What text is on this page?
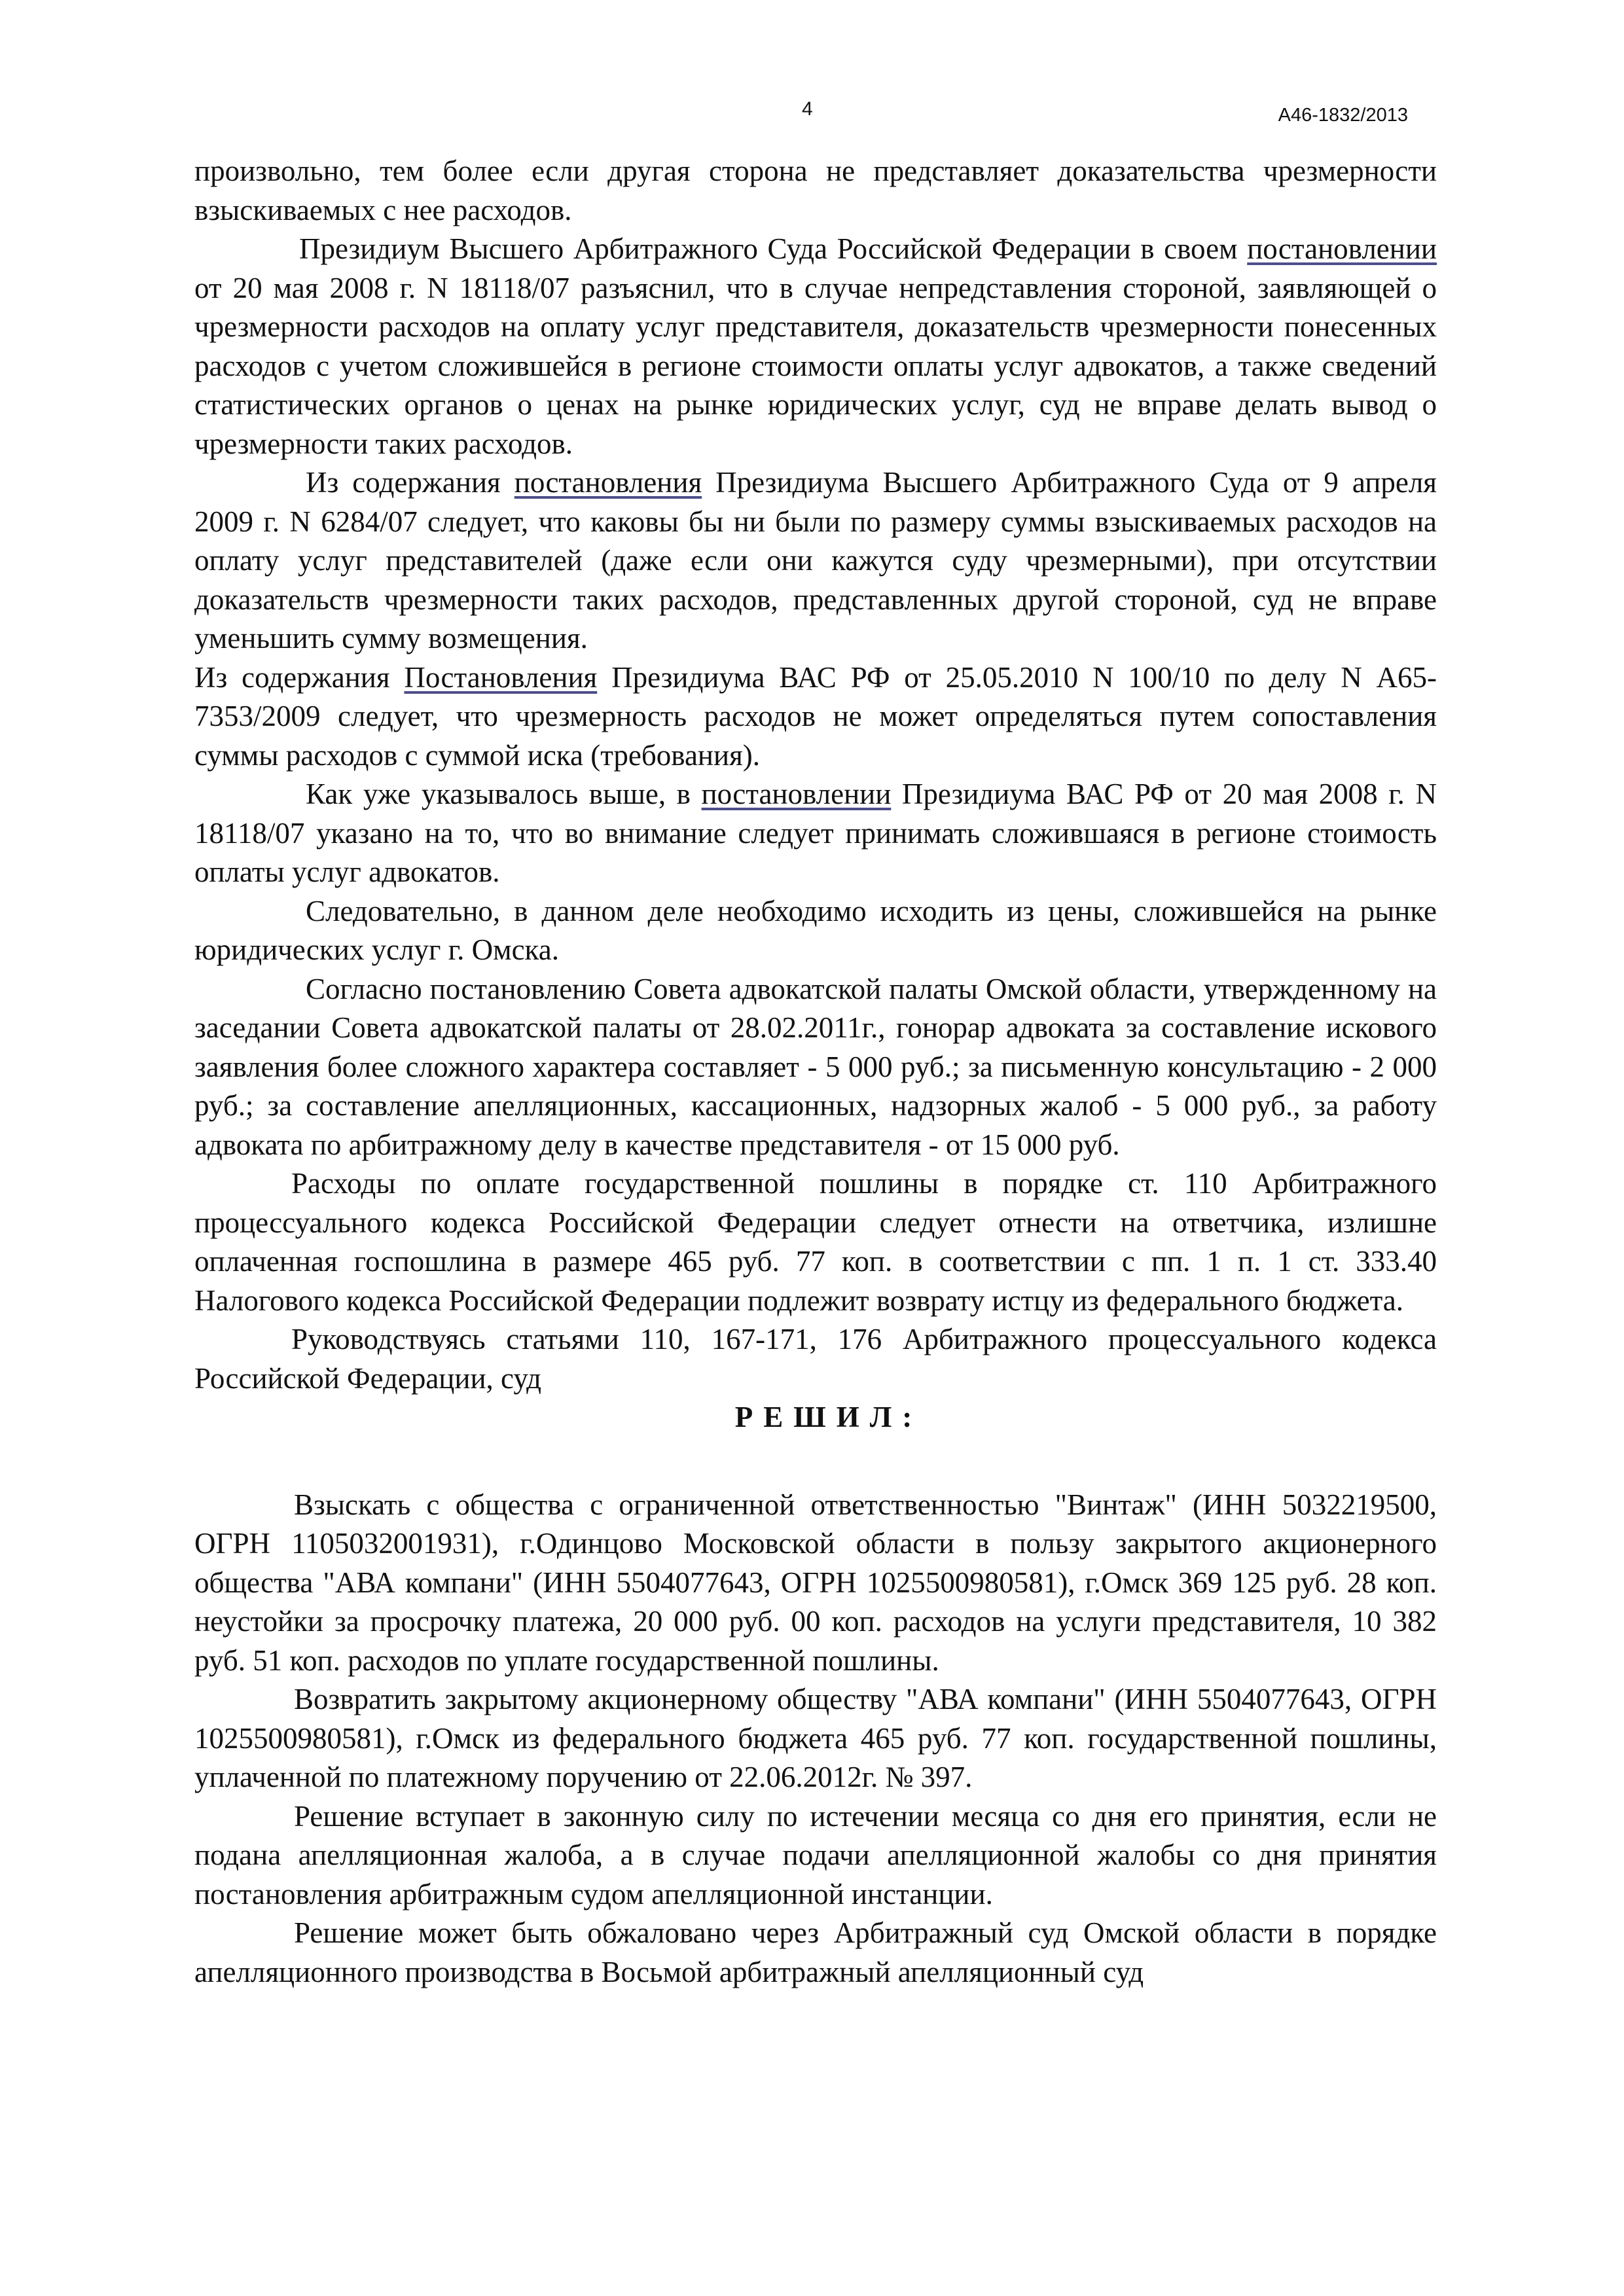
4	А46-1832/2013

произвольно, тем более если другая сторона не представляет доказательства чрезмерности взыскиваемых с нее расходов.

Президиум Высшего Арбитражного Суда Российской Федерации в своем постановлении от 20 мая 2008 г. N 18118/07 разъяснил, что в случае непредставления стороной, заявляющей о чрезмерности расходов на оплату услуг представителя, доказательств чрезмерности понесенных расходов с учетом сложившейся в регионе стоимости оплаты услуг адвокатов, а также сведений статистических органов о ценах на рынке юридических услуг, суд не вправе делать вывод о чрезмерности таких расходов.

Из содержания постановления Президиума Высшего Арбитражного Суда от 9 апреля 2009 г. N 6284/07 следует, что каковы бы ни были по размеру суммы взыскиваемых расходов на оплату услуг представителей (даже если они кажутся суду чрезмерными), при отсутствии доказательств чрезмерности таких расходов, представленных другой стороной, суд не вправе уменьшить сумму возмещения.

Из содержания Постановления Президиума ВАС РФ от 25.05.2010 N 100/10 по делу N А65-7353/2009 следует, что чрезмерность расходов не может определяться путем сопоставления суммы расходов с суммой иска (требования).

Как уже указывалось выше, в постановлении Президиума ВАС РФ от 20 мая 2008 г. N 18118/07 указано на то, что во внимание следует принимать сложившаяся в регионе стоимость оплаты услуг адвокатов.

Следовательно, в данном деле необходимо исходить из цены, сложившейся на рынке юридических услуг г. Омска.

Согласно постановлению Совета адвокатской палаты Омской области, утвержденному на заседании Совета адвокатской палаты от 28.02.2011г., гонорар адвоката за составление искового заявления более сложного характера составляет - 5 000 руб.; за письменную консультацию - 2 000 руб.; за составление апелляционных, кассационных, надзорных жалоб - 5 000 руб., за работу адвоката по арбитражному делу в качестве представителя - от 15 000 руб.

Расходы по оплате государственной пошлины в порядке ст. 110 Арбитражного процессуального кодекса Российской Федерации следует отнести на ответчика, излишне оплаченная госпошлина в размере 465 руб. 77 коп. в соответствии с пп. 1 п. 1 ст. 333.40 Налогового кодекса Российской Федерации подлежит возврату истцу из федерального бюджета.

Руководствуясь статьями 110, 167-171, 176 Арбитражного процессуального кодекса Российской Федерации, суд

РЕШИЛ:

Взыскать с общества с ограниченной ответственностью "Винтаж" (ИНН 5032219500, ОГРН 1105032001931), г.Одинцово Московской области в пользу закрытого акционерного общества "АВА компани" (ИНН 5504077643, ОГРН 1025500980581), г.Омск 369 125 руб. 28 коп. неустойки за просрочку платежа, 20 000 руб. 00 коп. расходов на услуги представителя, 10 382 руб. 51 коп. расходов по уплате государственной пошлины.

Возвратить закрытому акционерному обществу "АВА компани" (ИНН 5504077643, ОГРН 1025500980581), г.Омск из федерального бюджета 465 руб. 77 коп. государственной пошлины, уплаченной по платежному поручению от 22.06.2012г. № 397.

Решение вступает в законную силу по истечении месяца со дня его принятия, если не подана апелляционная жалоба, а в случае подачи апелляционной жалобы со дня принятия постановления арбитражным судом апелляционной инстанции.

Решение может быть обжаловано через Арбитражный суд Омской области в порядке апелляционного производства в Восьмой арбитражный апелляционный суд
